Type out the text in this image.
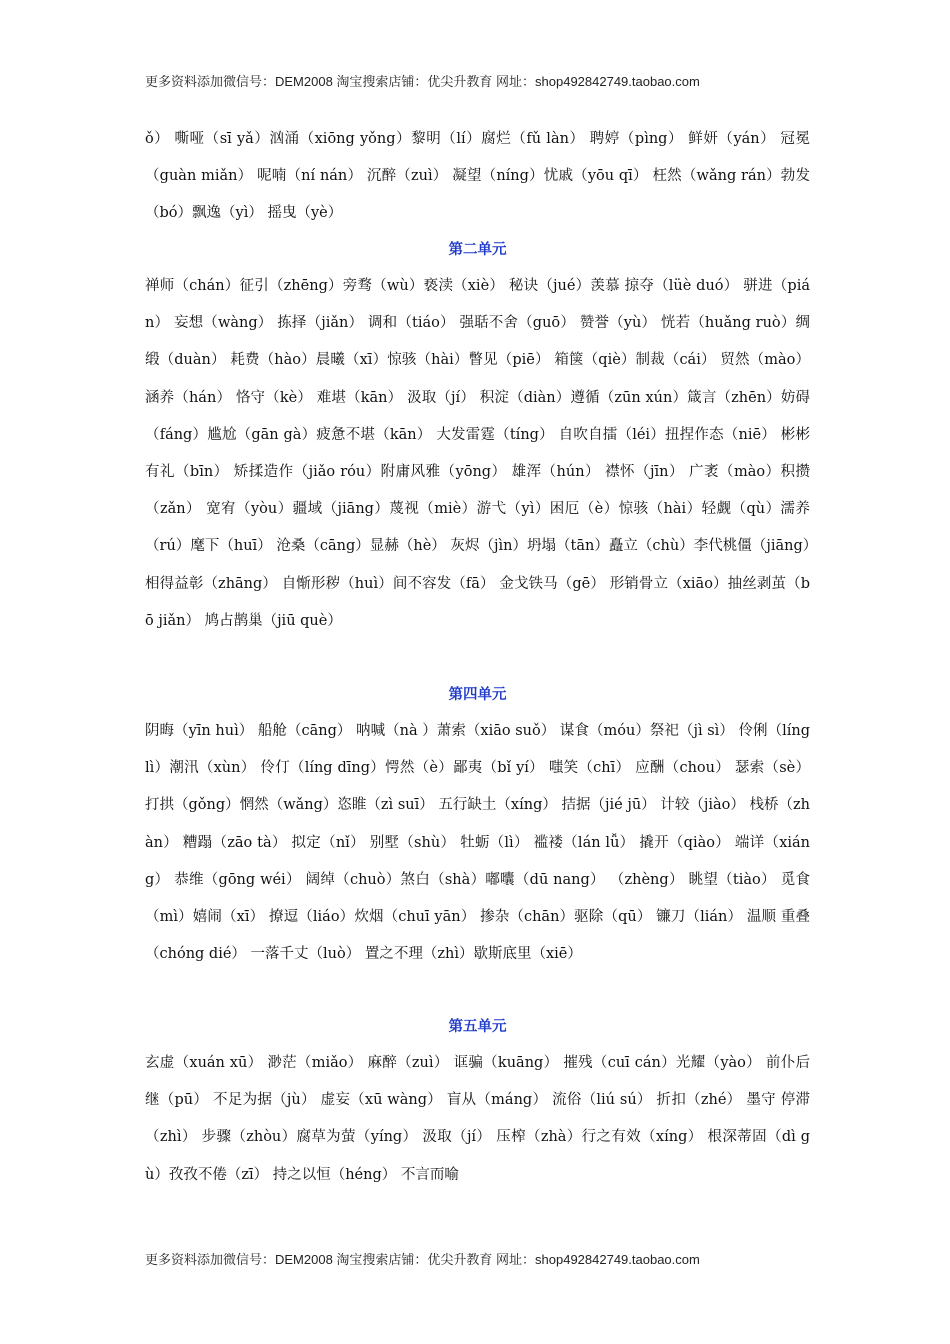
更多资料添加微信号：DEM2008 淘宝搜索店铺：优尖升教育 网址：shop492842749.taobao.com
ǒ） 嘶哑（sī yǎ）汹涌（xiōng yǒng）黎明（lí）腐烂（fǔ làn） 聘婷（pìng） 鲜妍（yán） 冠冕（guàn miǎn） 呢喃（ní nán） 沉醉（zuì） 凝望（níng）忧戚（yōu qī） 枉然（wǎng rán）勃发（bó）飘逸（yì） 摇曳（yè）
第二单元
禅师（chán）征引（zhēng）旁骛（wù）亵渎（xiè） 秘诀（jué）羡慕 掠夺（lüè duó） 骈进（pián） 妄想（wàng） 拣择（jiǎn） 调和（tiáo） 强聒不舍（guō） 赞誉（yù） 恍若（huǎng ruò）绸缎（duàn） 耗费（hào）晨曦（xī）惊骇（hài）瞥见（piē） 箱箧（qiè）制裁（cái） 贸然（mào） 涵养（hán） 恪守（kè） 难堪（kān） 汲取（jí） 积淀（diàn）遵循（zūn xún）箴言（zhēn）妨碍（fáng）尴尬（gān gà）疲惫不堪（kān） 大发雷霆（tíng） 自吹自擂（léi）扭捏作态（niē） 彬彬有礼（bīn） 矫揉造作（jiǎo róu）附庸风雅（yōng） 雄浑（hún） 襟怀（jīn） 广袤（mào）积攒（zǎn） 宽宥（yòu）疆域（jiāng）蔑视（miè）游弋（yì）困厄（è）惊骇（hài）轻觑（qù）濡养（rú）麾下（huī） 沧桑（cāng）显赫（hè） 灰烬（jìn）坍塌（tān）矗立（chù）李代桃僵（jiāng）相得益彰（zhāng） 自惭形秽（huì）间不容发（fā） 金戈铁马（gē） 形销骨立（xiāo）抽丝剥茧（bō jiǎn） 鸠占鹊巢（jiū què）
第四单元
阴晦（yīn huì） 船舱（cāng） 呐喊（nà ）萧索（xiāo suǒ） 谋食（móu）祭祀（jì sì） 伶俐（líng lì）潮汛（xùn） 伶仃（líng dīng）愕然（è）鄙夷（bǐ yí） 嗤笑（chī） 应酬（chou） 瑟索（sè） 打拱（gǒng）惘然（wǎng）恣睢（zì suī） 五行缺土（xíng） 拮据（jié jū） 计较（jiào） 栈桥（zhàn） 糟蹋（zāo tà） 拟定（nǐ） 别墅（shù） 牡蛎（lì） 褴褛（lán lǚ） 撬开（qiào） 端详（xiáng） 恭维（gōng wéi） 阔绰（chuò）煞白（shà）嘟囔（dū nang） （zhèng） 眺望（tiào） 觅食（mì）嬉闹（xī） 撩逗（liáo）炊烟（chuī yān） 掺杂（chān）驱除（qū） 镰刀（lián） 温顺 重叠（chóng dié） 一落千丈（luò） 置之不理（zhì）歇斯底里（xiē）
第五单元
玄虚（xuán xū） 渺茫（miǎo） 麻醉（zuì） 诓骗（kuāng） 摧残（cuī cán）光耀（yào） 前仆后继（pū） 不足为据（jù） 虚妄（xū wàng） 盲从（máng） 流俗（liú sú） 折扣（zhé） 墨守 停滞（zhì） 步骤（zhòu）腐草为萤（yíng） 汲取（jí） 压榨（zhà）行之有效（xíng） 根深蒂固（dì gù）孜孜不倦（zī） 持之以恒（héng） 不言而喻
更多资料添加微信号：DEM2008 淘宝搜索店铺：优尖升教育 网址：shop492842749.taobao.com
